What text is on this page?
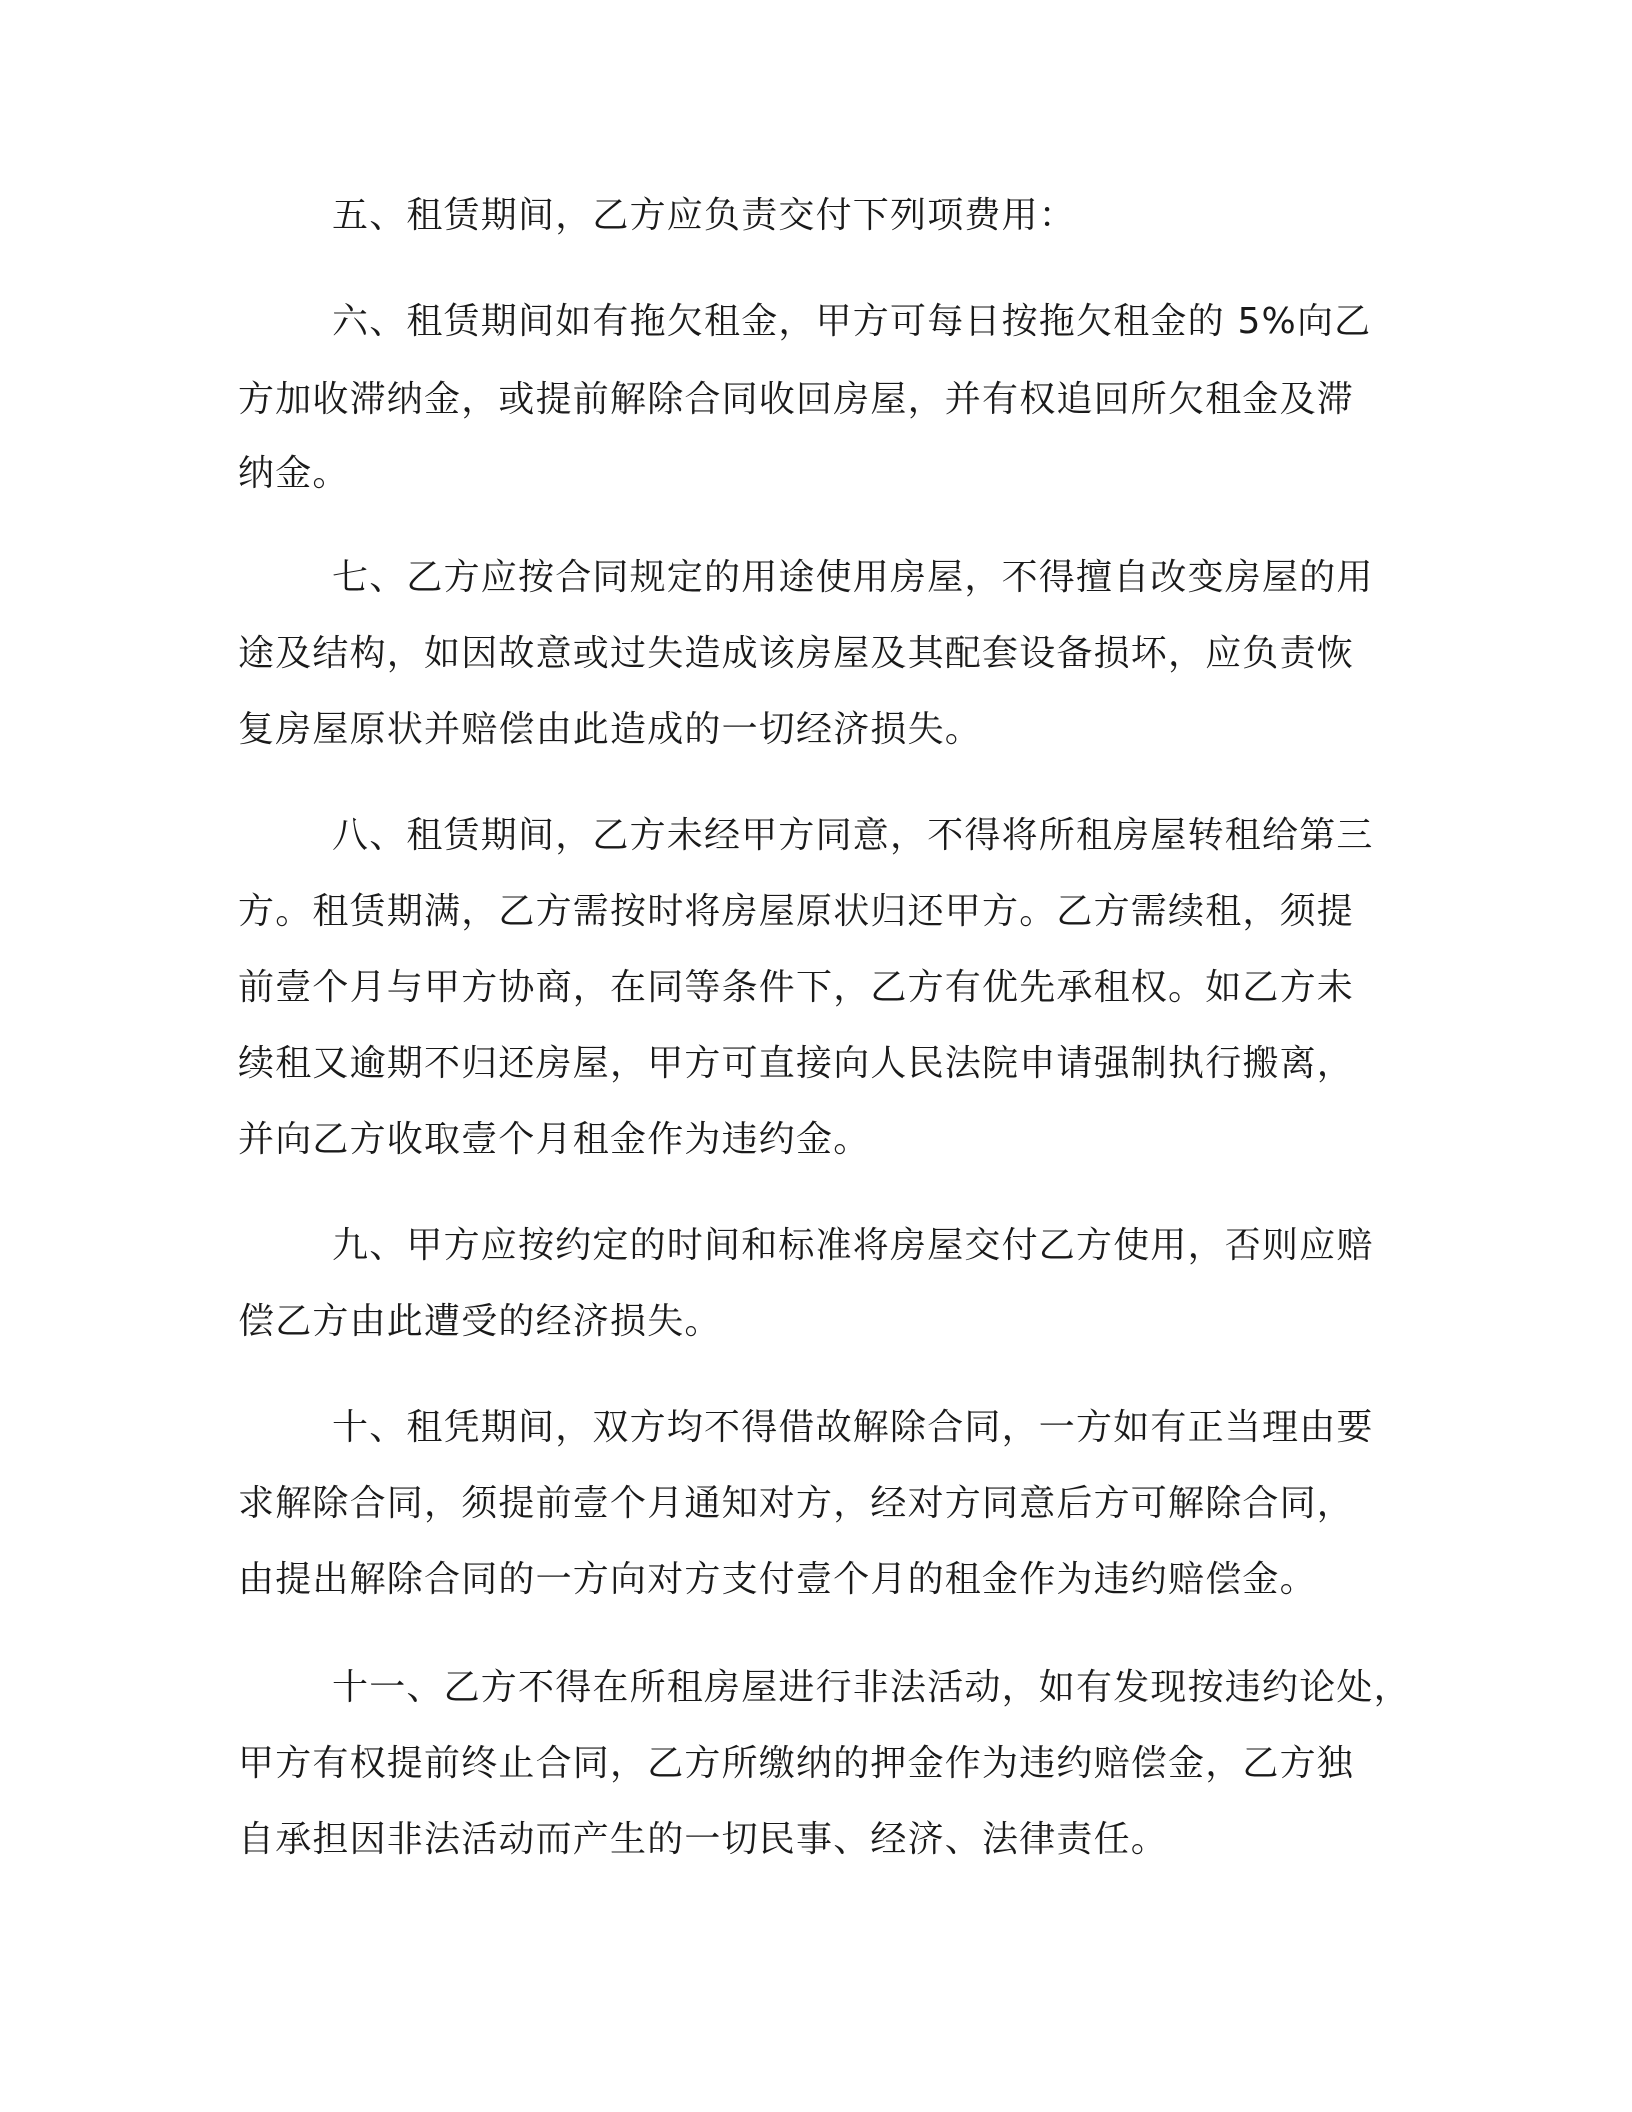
五、租赁期间，乙方应负责交付下列项费用：
六、租赁期间如有拖欠租金，甲方可每日按拖欠租金的 5%向乙
方加收滞纳金，或提前解除合同收回房屋，并有权追回所欠租金及滞
纳金。
七、乙方应按合同规定的用途使用房屋，不得擅自改变房屋的用
途及结构，如因故意或过失造成该房屋及其配套设备损坏，应负责恢
复房屋原状并赔偿由此造成的一切经济损失。
八、租赁期间，乙方未经甲方同意，不得将所租房屋转租给第三
方。租赁期满，乙方需按时将房屋原状归还甲方。乙方需续租，须提
前壹个月与甲方协商，在同等条件下，乙方有优先承租权。如乙方未
续租又逾期不归还房屋，甲方可直接向人民法院申请强制执行搬离，
并向乙方收取壹个月租金作为违约金。
九、甲方应按约定的时间和标准将房屋交付乙方使用，否则应赔
偿乙方由此遭受的经济损失。
十、租凭期间，双方均不得借故解除合同，一方如有正当理由要
求解除合同，须提前壹个月通知对方，经对方同意后方可解除合同，
由提出解除合同的一方向对方支付壹个月的租金作为违约赔偿金。
十一、乙方不得在所租房屋进行非法活动，如有发现按违约论处，
甲方有权提前终止合同，乙方所缴纳的押金作为违约赔偿金，乙方独
自承担因非法活动而产生的一切民事、经济、法律责任。
